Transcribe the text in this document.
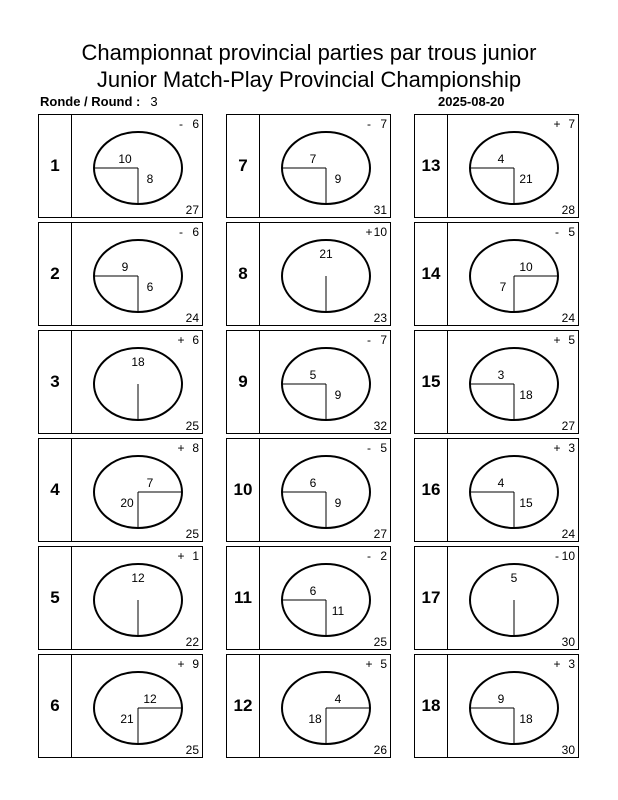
Championnat provincial parties par trous junior
Junior Match-Play Provincial Championship
Ronde / Round : 3	2025-08-20
1	10
8
- 6
27
2	9
6
- 6
24
3
18
+ 6
25
4	7
20
+ 8
25
5
12
+ 1
22
6	12
21
+ 9
25
7	7
9
- 7
31
8
21
+ 10
23
9	5
9
- 7
32
10	6
9
- 5
27
11	6
11
- 2
25
12	4
18
+ 5
26
13	4
21
+ 7
28
14	10
7
- 5
24
15	3
18
+ 5
27
16	4
15
+ 3
24
17
5
- 10
30
18	9
18
+ 3
30
